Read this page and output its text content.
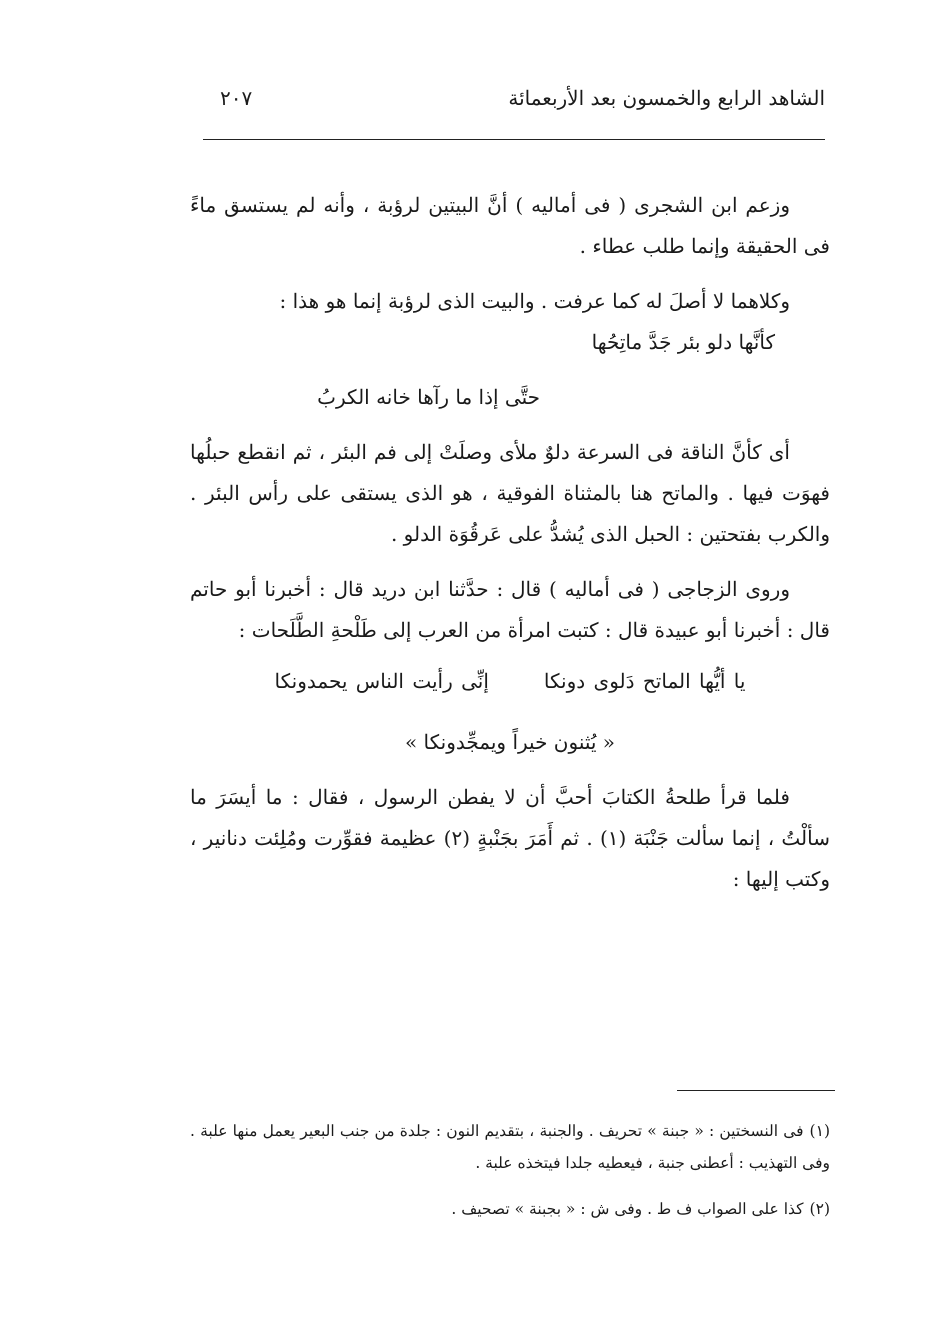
الشاهد الرابع والخمسون بعد الأربعمائة
٢٠٧

وزعم ابن الشجرى ( فى أماليه ) أنَّ البيتين لرؤبة ، وأنه لم يستسق ماءً فى الحقيقة وإنما طلب عطاء .

وكلاهما لا أصلَ له كما عرفت . والبيت الذى لرؤبة إنما هو هذا :

كأنَّها دلو بئر جَدَّ ماتِحُها

حتَّى إذا ما رآها خانه الكربُ

أى كأنَّ الناقة فى السرعة دلوٌ ملأى وصلَتْ إلى فم البئر ، ثم انقطع حبلُها فهوَت فيها . والماتح هنا بالمثناة الفوقية ، هو الذى يستقى على رأس البئر . والكرب بفتحتين : الحبل الذى يُشدُّ على عَرقُوَة الدلو .

وروى الزجاجى ( فى أماليه ) قال : حدَّثنا ابن دريد قال : أخبرنا أبو حاتم قال : أخبرنا أبو عبيدة قال : كتبت امرأة من العرب إلى طَلْحةِ الطَّلَحات :

يا أيُّها الماتح دَلوى دونكاإنِّى رأيت الناس يحمدونكا

« يُثنون خيراً ويمجِّدونكا »

فلما قرأ طلحةُ الكتابَ أحبَّ أن لا يفطن الرسول ، فقال : ما أيسَرَ ما سألْتُ ، إنما سألت جَنْبَة (١) . ثم أَمَرَ بجَنْبةٍ (٢) عظيمة فقوِّرت ومُلِئت دنانير ، وكتب إليها :

(١)فى النسختين : « جبنة » تحريف . والجنبة ، بتقديم النون : جلدة من جنب البعير يعمل منها علبة . وفى التهذيب : أعطنى جنبة ، فيعطيه جلدا فيتخذه علبة .

(٢)كذا على الصواب ف ط . وفى ش : « بجبنة » تصحيف .
